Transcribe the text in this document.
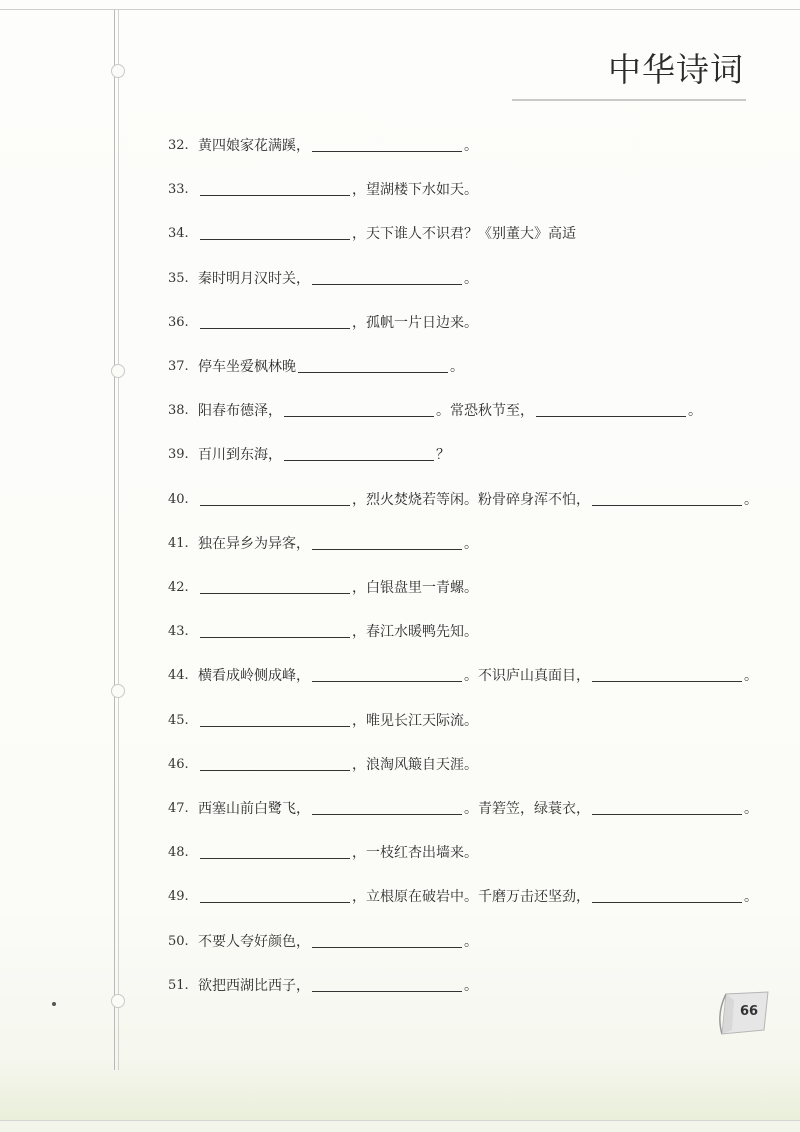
中华诗词
32. 黄四娘家花满蹊，	。
33.	，望湖楼下水如天。
34.	，天下谁人不识君？《别董大》高适
35. 秦时明月汉时关，	。
36.	，孤帆一片日边来。
37. 停车坐爱枫林晚	。
38. 阳春布德泽，	。常恐秋节至，	。
39. 百川到东海，	？
40.	，烈火焚烧若等闲。粉骨碎身浑不怕，	。
41. 独在异乡为异客，	。
42.	，白银盘里一青螺。
43.	，春江水暖鸭先知。
44. 横看成岭侧成峰，	。不识庐山真面目，	。
45.	，唯见长江天际流。
46.	，浪淘风簸自天涯。
47. 西塞山前白鹭飞，	。青箬笠，绿蓑衣，	。
48.	，一枝红杏出墙来。
49.	，立根原在破岩中。千磨万击还坚劲，	。
50. 不要人夸好颜色，	。
51. 欲把西湖比西子，	。
66
